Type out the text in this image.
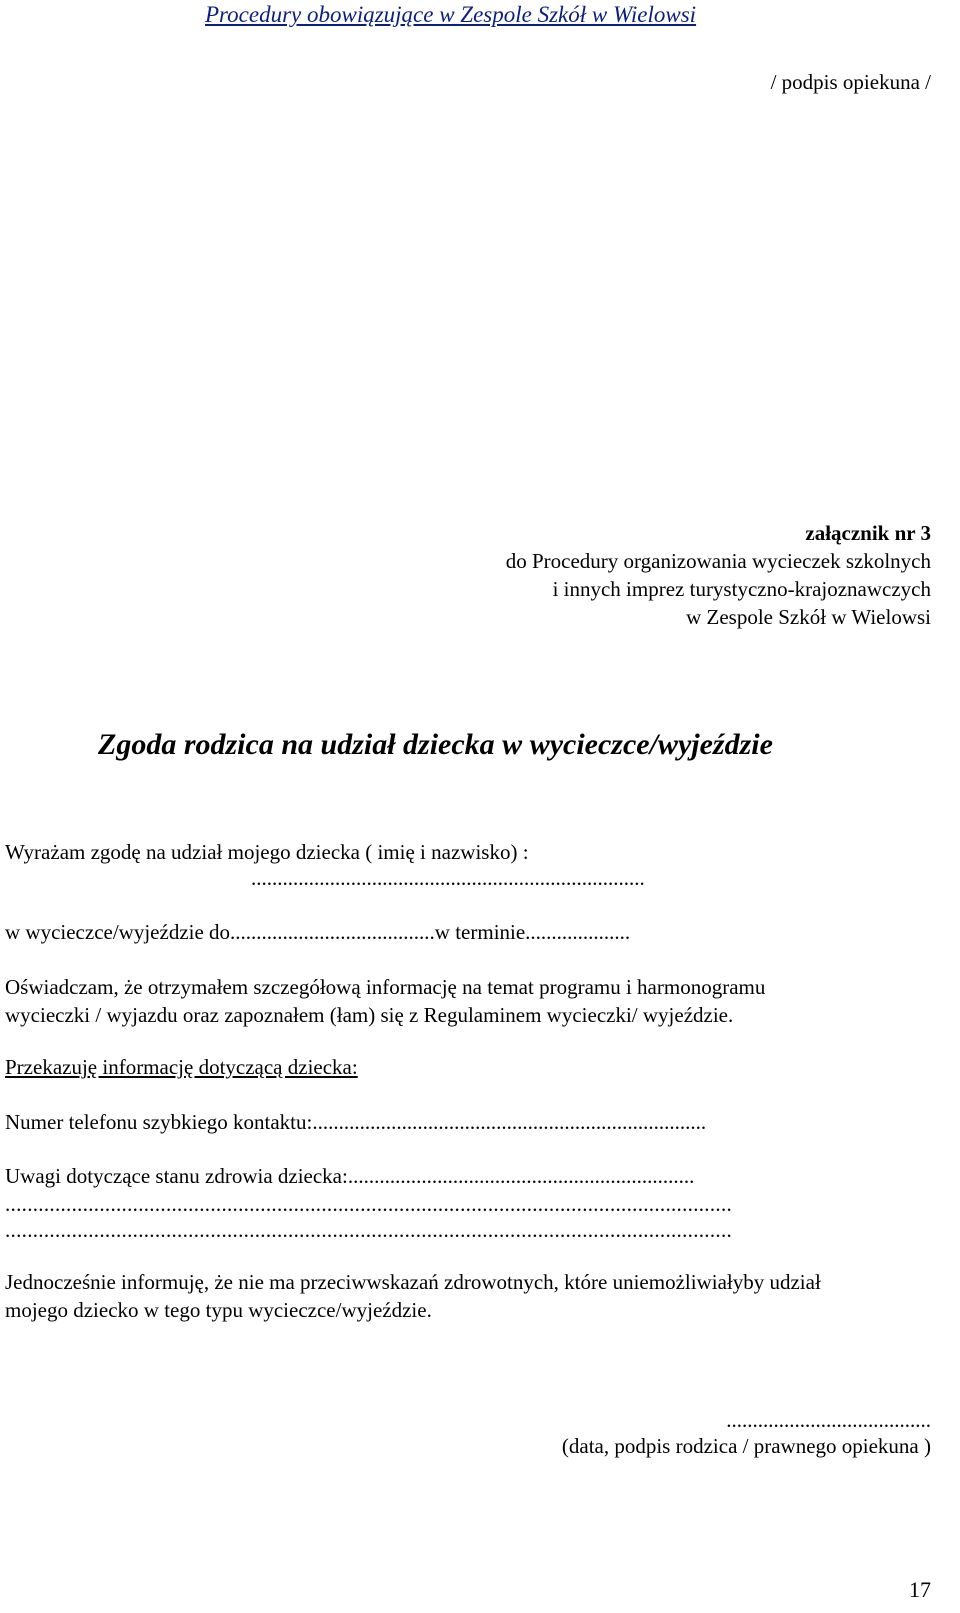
Procedury obowiązujące w Zespole Szkół w Wielowsi
/ podpis opiekuna /
załącznik nr 3
do Procedury organizowania wycieczek szkolnych
i innych imprez turystyczno-krajoznawczych
w Zespole Szkół w Wielowsi
Zgoda rodzica na udział dziecka w wycieczce/wyjeździe
Wyrażam zgodę na udział mojego dziecka ( imię i nazwisko) :
...........................................................................
w wycieczce/wyjeździe do.......................................w terminie....................
Oświadczam, że otrzymałem szczegółową informację na temat programu i harmonogramu
wycieczki / wyjazdu oraz zapoznałem (łam) się z Regulaminem wycieczki/ wyjeździe.
Przekazuję informację dotyczącą dziecka:
Numer telefonu szybkiego kontaktu:...........................................................................
Uwagi dotyczące stanu zdrowia dziecka:..................................................................
...................................................................................................................................
...................................................................................................................................
Jednocześnie informuję, że nie ma przeciwwskazań zdrowotnych, które uniemożliwiałyby udział
mojego dziecko w tego typu wycieczce/wyjeździe.
.......................................
(data, podpis rodzica / prawnego opiekuna )
17
